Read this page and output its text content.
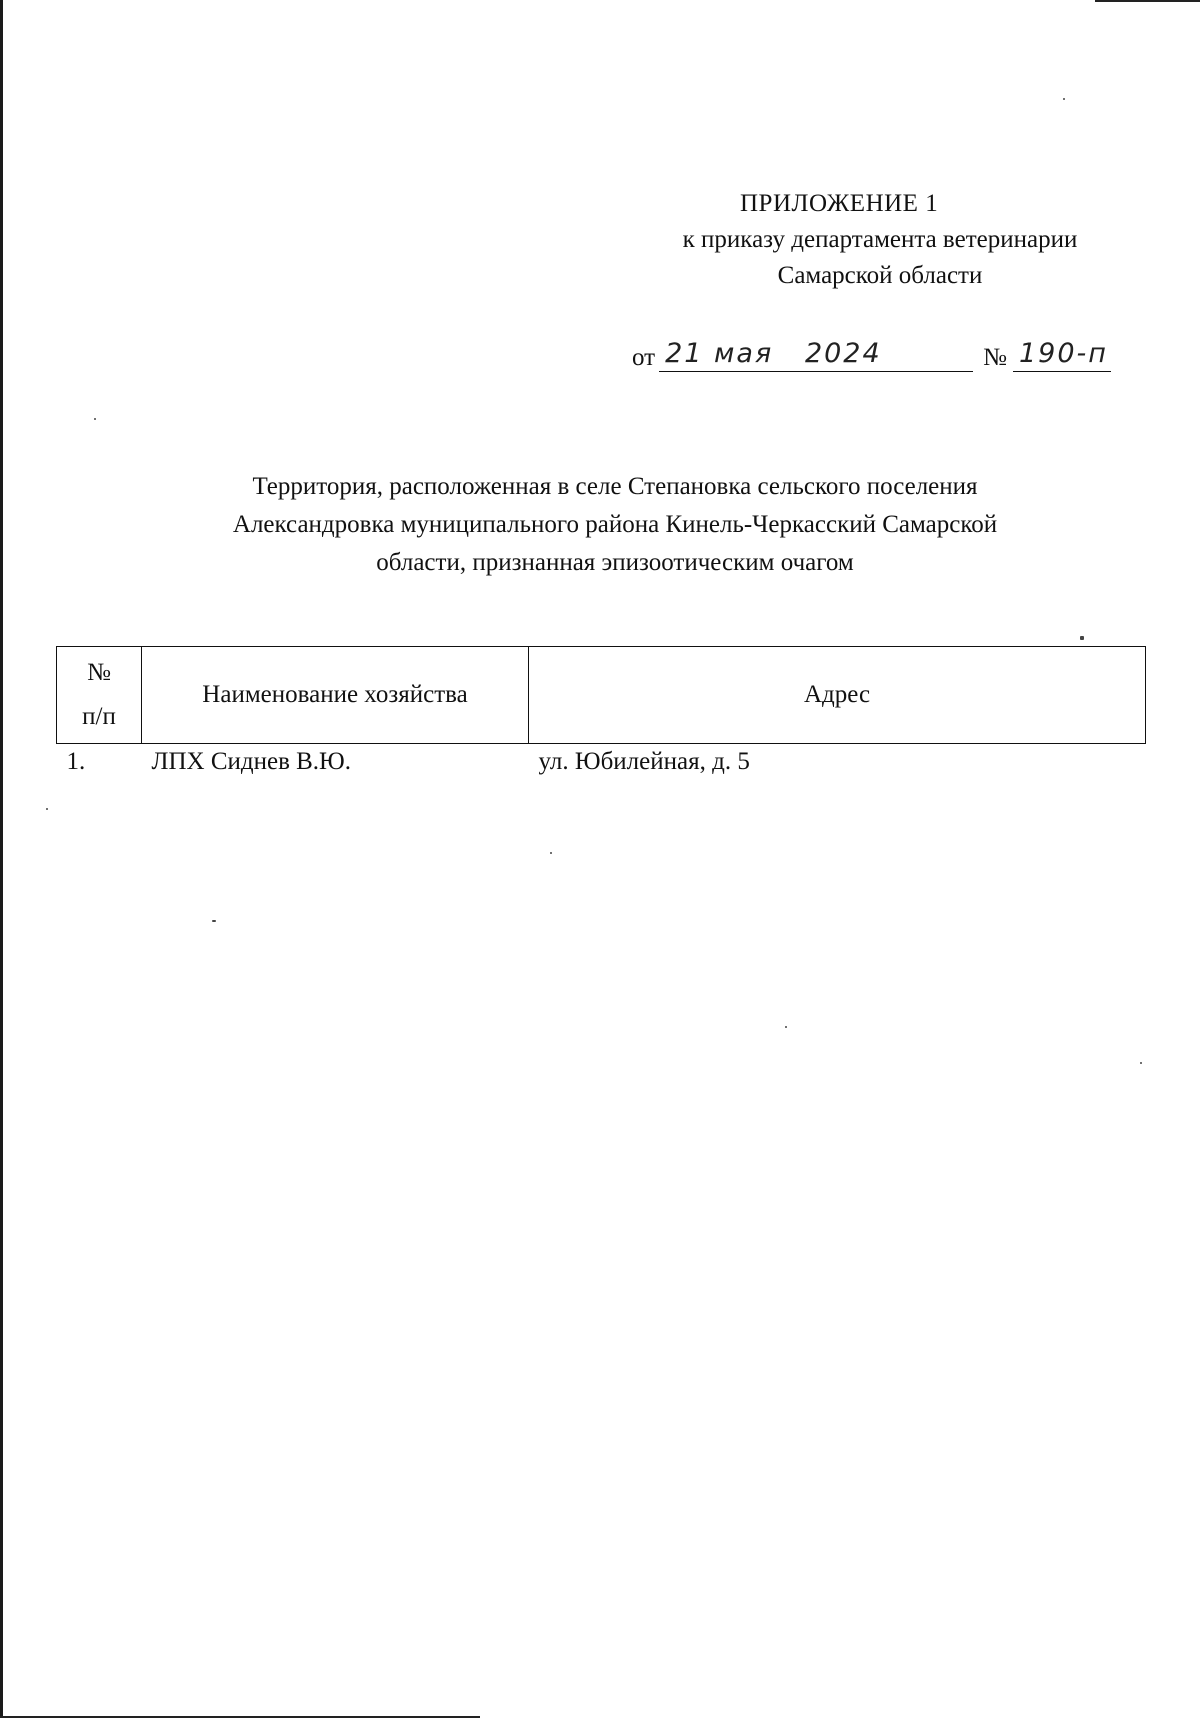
ПРИЛОЖЕНИЕ 1
к приказу департамента ветеринарии
Самарской области
от 21 мая   2024	№ 190-п
Территория, расположенная в селе Степановка сельского поселения
Александровка муниципального района Кинель-Черкасский Самарской
области, признанная эпизоотическим очагом
№
п/п	Наименование хозяйства	Адрес
1.	ЛПХ Сиднев В.Ю.	ул. Юбилейная, д. 5
